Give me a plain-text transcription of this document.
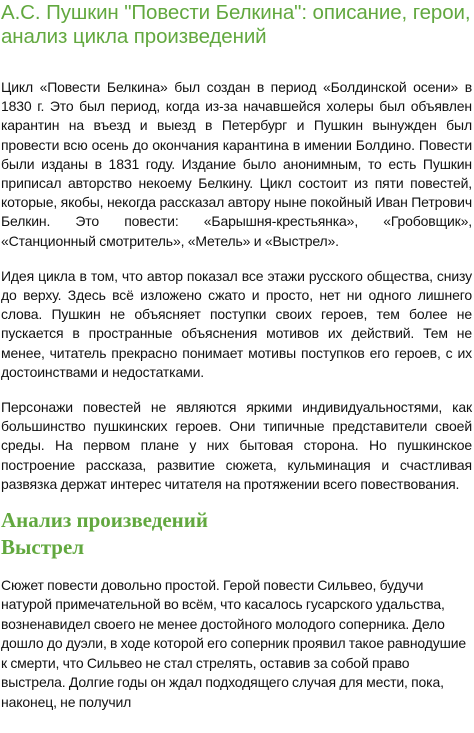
А.С. Пушкин "Повести Белкина": описание, герои, анализ цикла произведений

Цикл «Повести Белкина» был создан в период «Болдинской осени» в 1830 г. Это был период, когда из-за начавшейся холеры был объявлен карантин на въезд и выезд в Петербург и Пушкин вынужден был провести всю осень до окончания карантина в имении Болдино. Повести были изданы в 1831 году. Издание было анонимным, то есть Пушкин приписал авторство некоему Белкину. Цикл состоит из пяти повестей, которые, якобы, некогда рассказал автору ныне покойный Иван Петрович Белкин. Это повести: «Барышня-крестьянка», «Гробовщик», «Станционный смотритель», «Метель» и «Выстрел».

Идея цикла в том, что автор показал все этажи русского общества, снизу до верху. Здесь всё изложено сжато и просто, нет ни одного лишнего слова. Пушкин не объясняет поступки своих героев, тем более не пускается в пространные объяснения мотивов их действий. Тем не менее, читатель прекрасно понимает мотивы поступков его героев, с их достоинствами и недостатками.

Персонажи повестей не являются яркими индивидуальностями, как большинство пушкинских героев. Они типичные представители своей среды. На первом плане у них бытовая сторона. Но пушкинское построение рассказа, развитие сюжета, кульминация и счастливая развязка держат интерес читателя на протяжении всего повествования.

Анализ произведений
Выстрел

Сюжет повести довольно простой. Герой повести Сильвео, будучи натурой примечательной во всём, что касалось гусарского удальства, возненавидел своего не менее достойного молодого соперника. Дело дошло до дуэли, в ходе которой его соперник проявил такое равнодушие к смерти, что Сильвео не стал стрелять, оставив за собой право выстрела. Долгие годы он ждал подходящего случая для мести, пока, наконец, не получил
